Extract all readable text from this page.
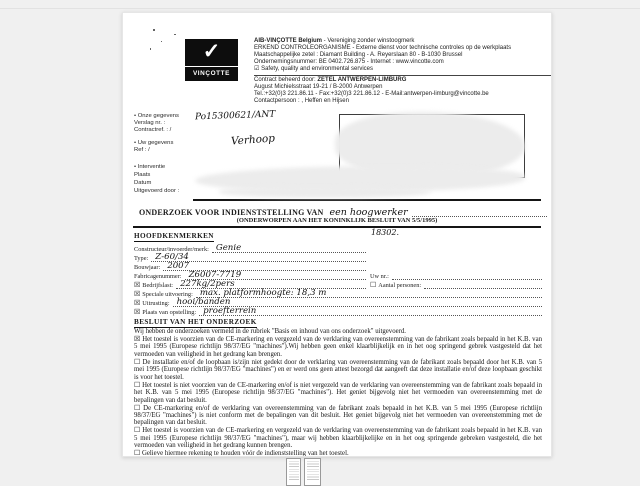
✓
VINÇOTTE
AIB-VINÇOTTE Belgium - Vereniging zonder winstoogmerk
ERKEND CONTROLEORGANISME - Externe dienst voor technische controles op de werkplaats
Maatschappelijke zetel : Diamant Building - A. Reyerslaan 80 - B-1030 Brussel
Ondernemingsnummer: BE 0402.726.875 - Internet : www.vincotte.com
☑ Safety, quality and environmental services
Contract beheerd door: ZETEL ANTWERPEN-LIMBURG
August Michielsstraat 19-21 / B-2000 Antwerpen
Tel.:+32(0)3 221.86.11 - Fax:+32(0)3 221.86.12 - E-Mail:antwerpen-limburg@vincotte.be
Contactpersoon : , Heffen en Hijsen
• Onze gegevens
Verslag nr. :
Contractref. : /
Po15300621/ANT
• Uw gegevens
Ref : /
Verhoop
• Interventie
Plaats
Datum
Uitgevoerd door :
ONDERZOEK VOOR INDIENSTSTELLING VAN een hoogwerker
(ONDERWORPEN AAN HET KONINKLIJK BESLUIT VAN 5/5/1995)
18302.
HOOFDKENMERKEN
Constructeur/invoerder/merk: Genie
Type: Z-60/34
Bouwjaar: 2007
Fabricagenummer: Z6007-7719	Uw nr.:
☒ Bedrijfslast: 227kg/2pers	☐ Aantal personen:
☒ Speciale uitvoering: max. platformhoogte: 18,3 m
☒ Uitrusting: hooi/banden
☒ Plaats van opstelling: proefterrein
BESLUIT VAN HET ONDERZOEK

Wij hebben de onderzoeken vermeld in de rubriek "Basis en inhoud van ons onderzoek" uitgevoerd.

☒ Het toestel is voorzien van de CE-markering en vergezeld van de verklaring van overeenstemming van de fabrikant zoals bepaald in het K.B. van 5 mei 1995 (Europese richtlijn 98/37/EG "machines").Wij hebben geen enkel klaarblijkelijk en in het oog springend gebrek vastgesteld dat het vermoeden van veiligheid in het gedrang kan brengen.

☐ De installatie en/of de loopbaan is/zijn niet gedekt door de verklaring van overeenstemming van de fabrikant zoals bepaald door het K.B. van 5 mei 1995 (Europese richtlijn 98/37/EG "machines") en er werd ons geen attest bezorgd dat aangeeft dat deze installatie en/of deze loopbaan geschikt is voor het toestel.

☐ Het toestel is niet voorzien van de CE-markering en/of is niet vergezeld van de verklaring van overeenstemming van de fabrikant zoals bepaald in het K.B. van 5 mei 1995 (Europese richtlijn 98/37/EG "machines"). Het geniet bijgevolg niet het vermoeden van overeenstemming met de bepalingen van dat besluit.

☐ De CE-markering en/of de verklaring van overeenstemming van de fabrikant zoals bepaald in het K.B. van 5 mei 1995 (Europese richtlijn 98/37/EG "machines") is niet conform met de bepalingen van dit besluit. Het geniet bijgevolg niet het vermoeden van overeenstemming met de bepalingen van dat besluit.

☐ Het toestel is voorzien van de CE-markering en vergezeld van de verklaring van overeenstemming van de fabrikant zoals bepaald in het K.B. van 5 mei 1995 (Europese richtlijn 98/37/EG "machines"), maar wij hebben klaarblijkelijke en in het oog springende gebreken vastgesteld, die het vermoeden van veiligheid in het gedrang kunnen brengen.

☐ Gelieve hiermee rekening te houden vóór de indienststelling van het toestel.
